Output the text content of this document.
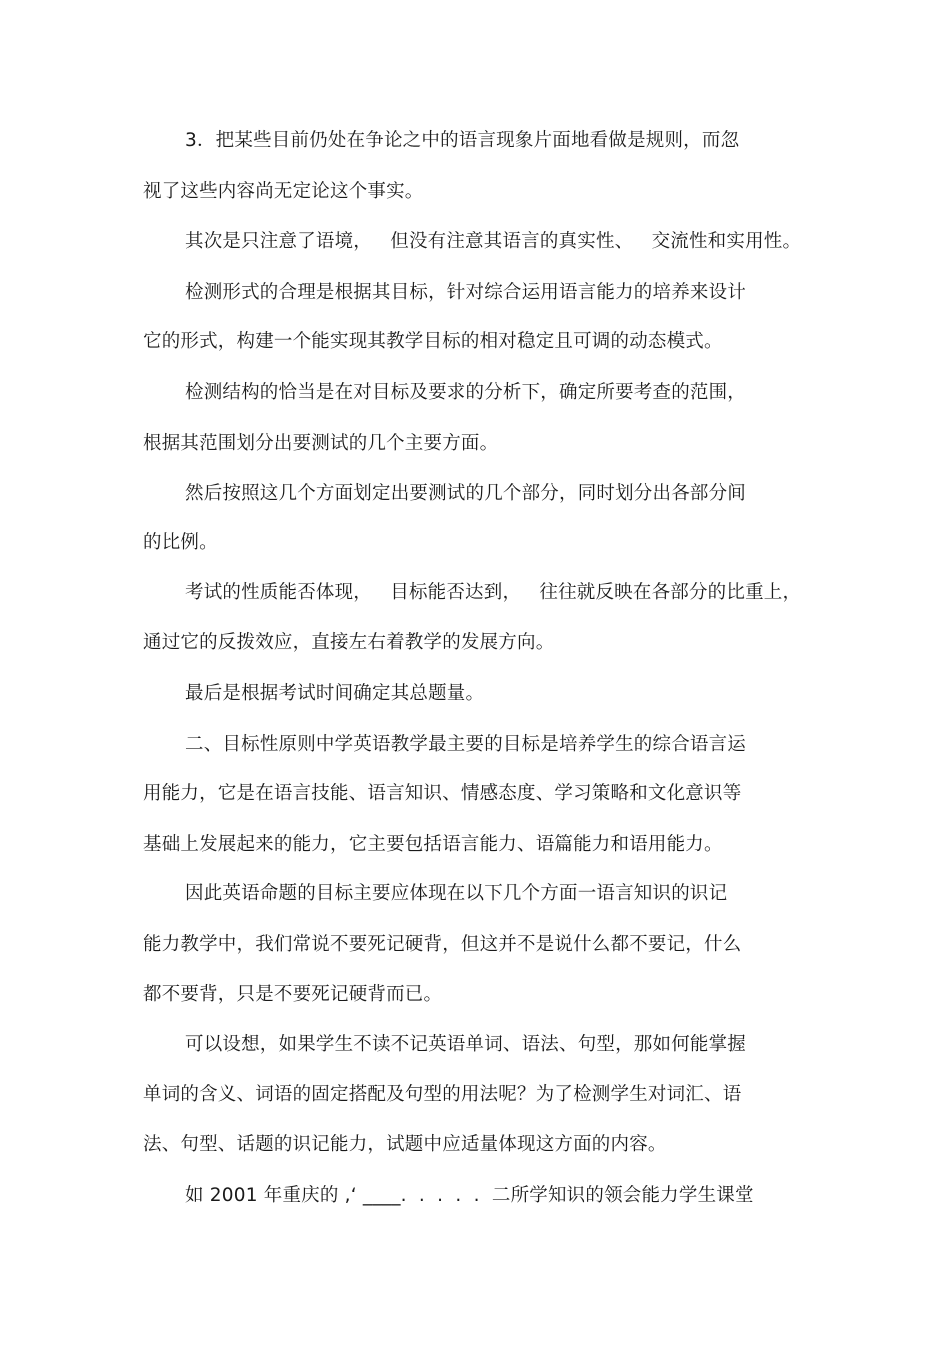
3．把某些目前仍处在争论之中的语言现象片面地看做是规则，而忽
视了这些内容尚无定论这个事实。
其次是只注意了语境，   但没有注意其语言的真实性、   交流性和实用性。
检测形式的合理是根据其目标，针对综合运用语言能力的培养来设计
它的形式，构建一个能实现其教学目标的相对稳定且可调的动态模式。
检测结构的恰当是在对目标及要求的分析下，确定所要考查的范围，
根据其范围划分出要测试的几个主要方面。
然后按照这几个方面划定出要测试的几个部分，同时划分出各部分间
的比例。
考试的性质能否体现，   目标能否达到，   往往就反映在各部分的比重上，
通过它的反拨效应，直接左右着教学的发展方向。
最后是根据考试时间确定其总题量。
二、目标性原则中学英语教学最主要的目标是培养学生的综合语言运
用能力，它是在语言技能、语言知识、情感态度、学习策略和文化意识等
基础上发展起来的能力，它主要包括语言能力、语篇能力和语用能力。
因此英语命题的目标主要应体现在以下几个方面一语言知识的识记
能力教学中，我们常说不要死记硬背，但这并不是说什么都不要记，什么
都不要背，只是不要死记硬背而已。
可以设想，如果学生不读不记英语单词、语法、句型，那如何能掌握
单词的含义、词语的固定搭配及句型的用法呢？为了检测学生对词汇、语
法、句型、话题的识记能力，试题中应适量体现这方面的内容。
如 2001 年重庆的 ,‘ ____.  .  .  .  .  二所学知识的领会能力学生课堂
